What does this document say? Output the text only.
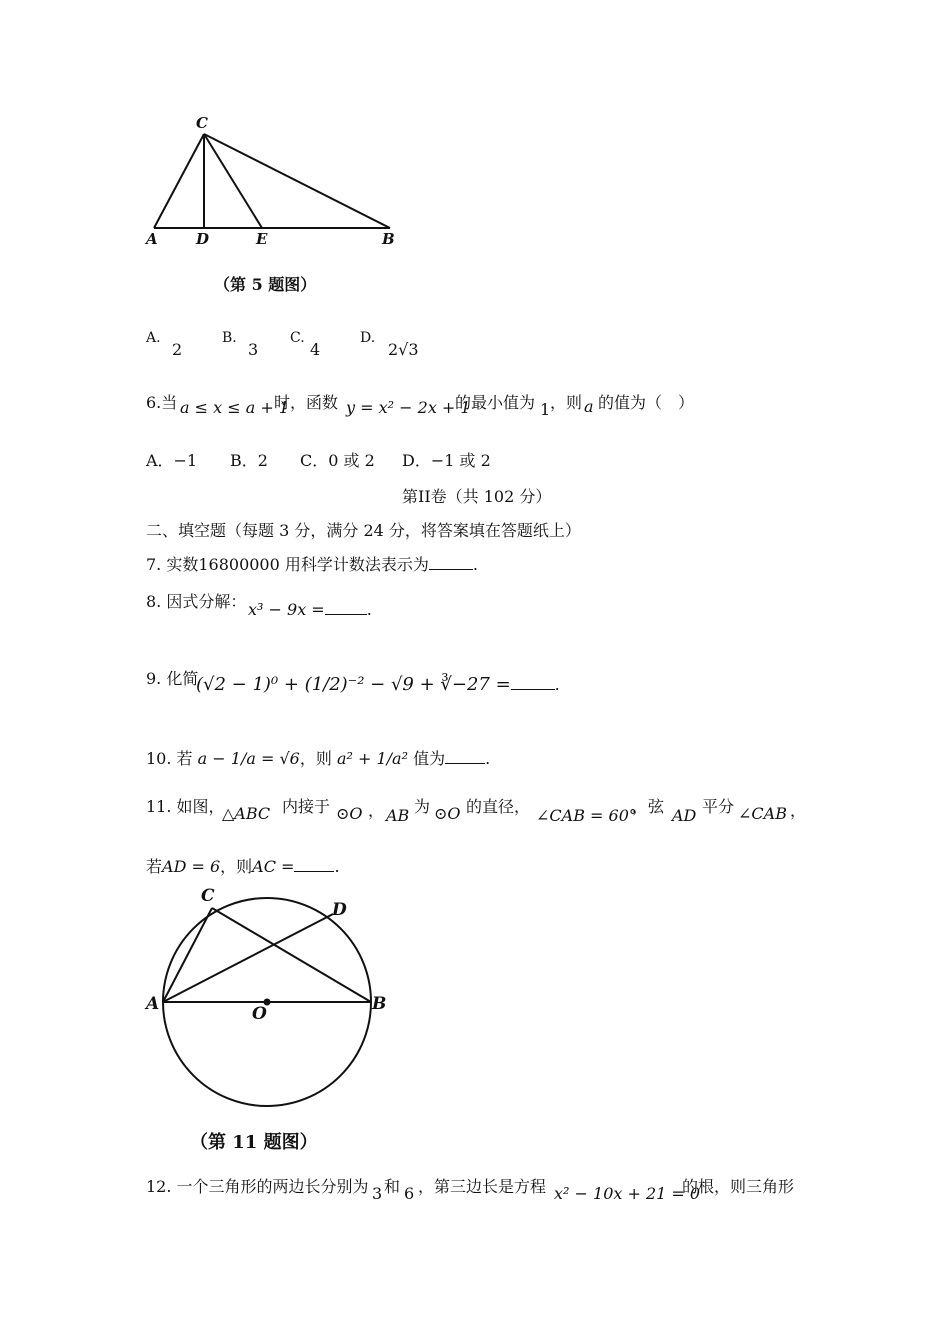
C
A	D	E	B
（第 5 题图）
A.
2
B.
3
C.
4
D.
2√3
6.当 a ≤ x ≤ a + 1
时，函数 y = x² − 2x + 1
的最小值为 1 ，则 a 的值为（　）
A．−1 B．2 C．0 或 2 D．−1 或 2
第II卷（共 102 分）
二、填空题（每题 3 分，满分 24 分，将答案填在答题纸上）
7. 实数16800000 用科学计数法表示为	.
8. 因式分解： x³ − 9x =	.
9. 化简
(√2 − 1)⁰ + (1/2)⁻² − √9 + ∛−27 =	.
10. 若 a − 1/a = √6，则 a² + 1/a² 值为	.
11. 如图，
△ABC 内接于 ⊙O ， AB 为 ⊙O 的直径， ∠CAB = 60°
，弦 AD 平分 ∠CAB ，
若AD = 6，则AC =	.
C
D
A	O	B
（第 11 题图）
12. 一个三角形的两边长分别为 3 和 6 ，第三边长是方程 x² − 10x + 21 = 0
的根，则三角形
